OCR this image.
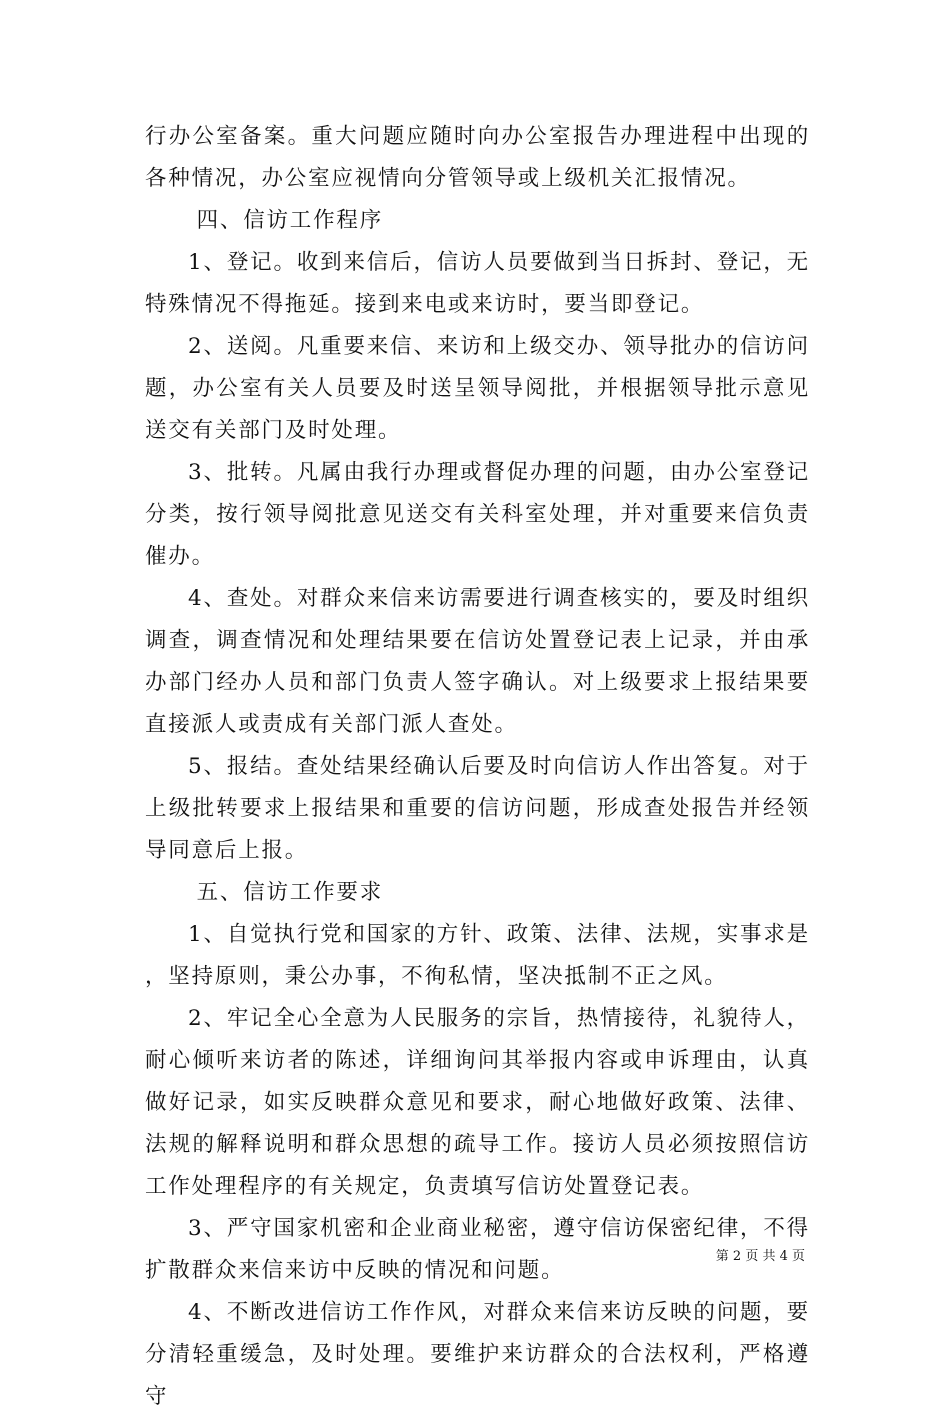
行办公室备案。重大问题应随时向办公室报告办理进程中出现的各种情况，办公室应视情向分管领导或上级机关汇报情况。

四、信访工作程序

1、登记。收到来信后，信访人员要做到当日拆封、登记，无特殊情况不得拖延。接到来电或来访时，要当即登记。

2、送阅。凡重要来信、来访和上级交办、领导批办的信访问题，办公室有关人员要及时送呈领导阅批，并根据领导批示意见送交有关部门及时处理。

3、批转。凡属由我行办理或督促办理的问题，由办公室登记分类，按行领导阅批意见送交有关科室处理，并对重要来信负责催办。

4、查处。对群众来信来访需要进行调查核实的，要及时组织调查，调查情况和处理结果要在信访处置登记表上记录，并由承办部门经办人员和部门负责人签字确认。对上级要求上报结果要直接派人或责成有关部门派人查处。

5、报结。查处结果经确认后要及时向信访人作出答复。对于上级批转要求上报结果和重要的信访问题，形成查处报告并经领导同意后上报。

五、信访工作要求

1、自觉执行党和国家的方针、政策、法律、法规，实事求是，坚持原则，秉公办事，不徇私情，坚决抵制不正之风。

2、牢记全心全意为人民服务的宗旨，热情接待，礼貌待人，耐心倾听来访者的陈述，详细询问其举报内容或申诉理由，认真做好记录，如实反映群众意见和要求，耐心地做好政策、法律、法规的解释说明和群众思想的疏导工作。接访人员必须按照信访工作处理程序的有关规定，负责填写信访处置登记表。

3、严守国家机密和企业商业秘密，遵守信访保密纪律，不得扩散群众来信来访中反映的情况和问题。

4、不断改进信访工作作风，对群众来信来访反映的问题，要分清轻重缓急，及时处理。要维护来访群众的合法权利，严格遵守

第 2 页 共 4 页
